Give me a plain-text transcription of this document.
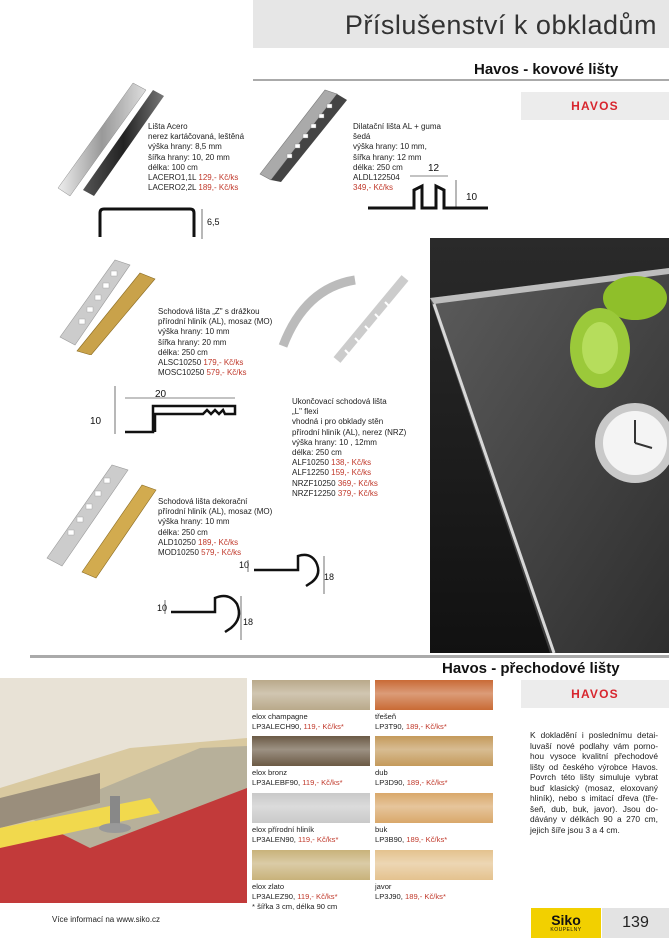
Příslušenství k obkladům
Havos - kovové lišty
HAVOS
Lišta Acero
nerez kartáčovaná, leštěná
výška hrany: 8,5 mm
šířka hrany: 10, 20 mm
délka: 100 cm
LACERO1,1L 129,- Kč/ks
LACERO2,2L 189,- Kč/ks
6,5
Dilatační lišta AL + guma
šedá
výška hrany: 10 mm,
šířka hrany: 12 mm
délka: 250 cm
ALDL122504
349,- Kč/ks
12
10
Schodová lišta „Z" s drážkou
přírodní hliník (AL), mosaz (MO)
výška hrany: 10 mm
šířka hrany: 20 mm
délka: 250 cm
ALSC10250 179,- Kč/ks
MOSC10250 579,- Kč/ks
20
10
Ukončovací schodová lišta
„L" flexi
vhodná i pro obklady stěn
přírodní hliník (AL), nerez (NRZ)
výška hrany: 10 , 12mm
délka: 250 cm
ALF10250 138,- Kč/ks
ALF12250 159,- Kč/ks
NRZF10250 369,- Kč/ks
NRZF12250 379,- Kč/ks
Schodová lišta dekorační
přírodní hliník (AL), mosaz (MO)
výška hrany: 10 mm
délka: 250 cm
ALD10250 189,- Kč/ks
MOD10250 579,- Kč/ks
10
18
10
18
Havos - přechodové lišty
HAVOS
K dokladění i poslednímu detai-luvaší nové podlahy vám porno-hou vysoce kvalitní přechodové lišty od českého výrobce Havos. Povrch této lišty simuluje vybrat buď klasický (mosaz, eloxovaný hliník), nebo s imitací dřeva (tře-šeň, dub, buk, javor). Jsou do-dávány v délkách 90 a 270 cm, jejich šíře jsou 3 a 4 cm.
elox champagne
LP3ALECH90, 119,- Kč/ks*
třešeň
LP3T90, 189,- Kč/ks*
elox bronz
LP3ALEBF90, 119,- Kč/ks*
dub
LP3D90, 189,- Kč/ks*
elox přírodní hliník
LP3ALEN90, 119,- Kč/ks*
buk
LP3B90, 189,- Kč/ks*
elox zlato
LP3ALEZ90, 119,- Kč/ks*
javor
LP3J90, 189,- Kč/ks*
* šířka 3 cm, délka 90 cm
Více informací na www.siko.cz	Siko
KOUPELNY	139
